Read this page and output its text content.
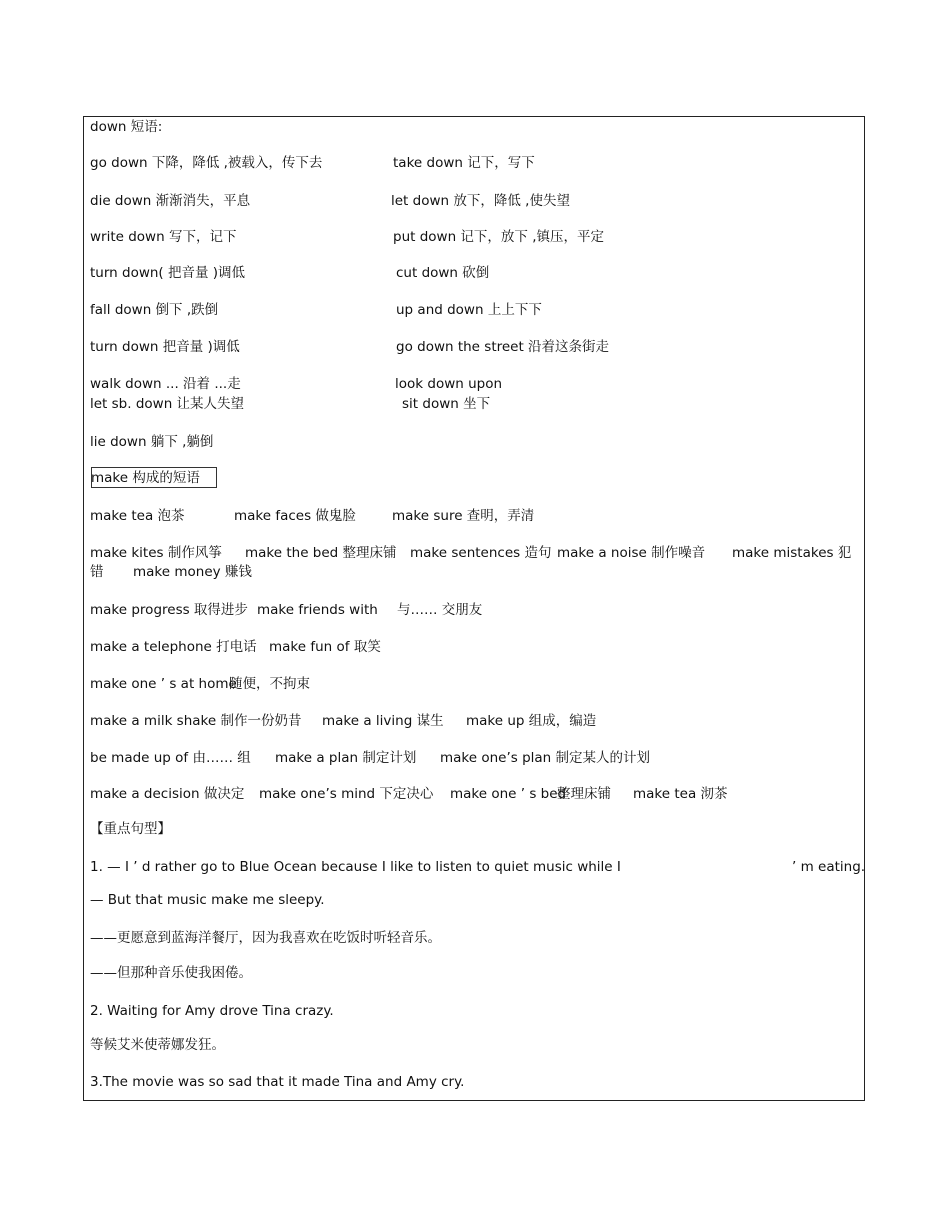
down 短语:
go down 下降，降低 ,被载入，传下去	take down 记下，写下
die down 渐渐消失，平息	let down 放下，降低 ,使失望
write down 写下，记下	put down 记下，放下 ,镇压，平定
turn down( 把音量 )调低	cut down 砍倒
fall down 倒下 ,跌倒	up and down 上上下下
turn down 把音量 )调低	go down the street 沿着这条街走
walk down ... 沿着 ...走	look down upon
let sb. down 让某人失望	sit down 坐下
lie down 躺下 ,躺倒
make 构成的短语
make tea 泡茶	make faces 做鬼脸	make sure 查明，弄清
make kites 制作风筝 make the bed 整理床铺 make sentences 造句 make a noise 制作噪音 make mistakes 犯
错 make money 赚钱
make progress 取得进步 make friends with 与…… 交朋友
make a telephone 打电话 make fun of 取笑
make one ’ s at home
随便，不拘束
make a milk shake 制作一份奶昔 make a living 谋生 make up 组成，编造
be made up of 由…… 组 make a plan 制定计划 make one’s plan 制定某人的计划
make a decision 做决定 make one’s mind 下定决心 make one ’ s bed
整理床铺 make tea 沏茶
【重点句型】
1. — I ’ d rather go to Blue Ocean because I like to listen to quiet music while I	’ m eating.
— But that music make me sleepy.
——更愿意到蓝海洋餐厅，因为我喜欢在吃饭时听轻音乐。
——但那种音乐使我困倦。
2. Waiting for Amy drove Tina crazy.
等候艾米使蒂娜发狂。
3.The movie was so sad that it made Tina and Amy cry.
